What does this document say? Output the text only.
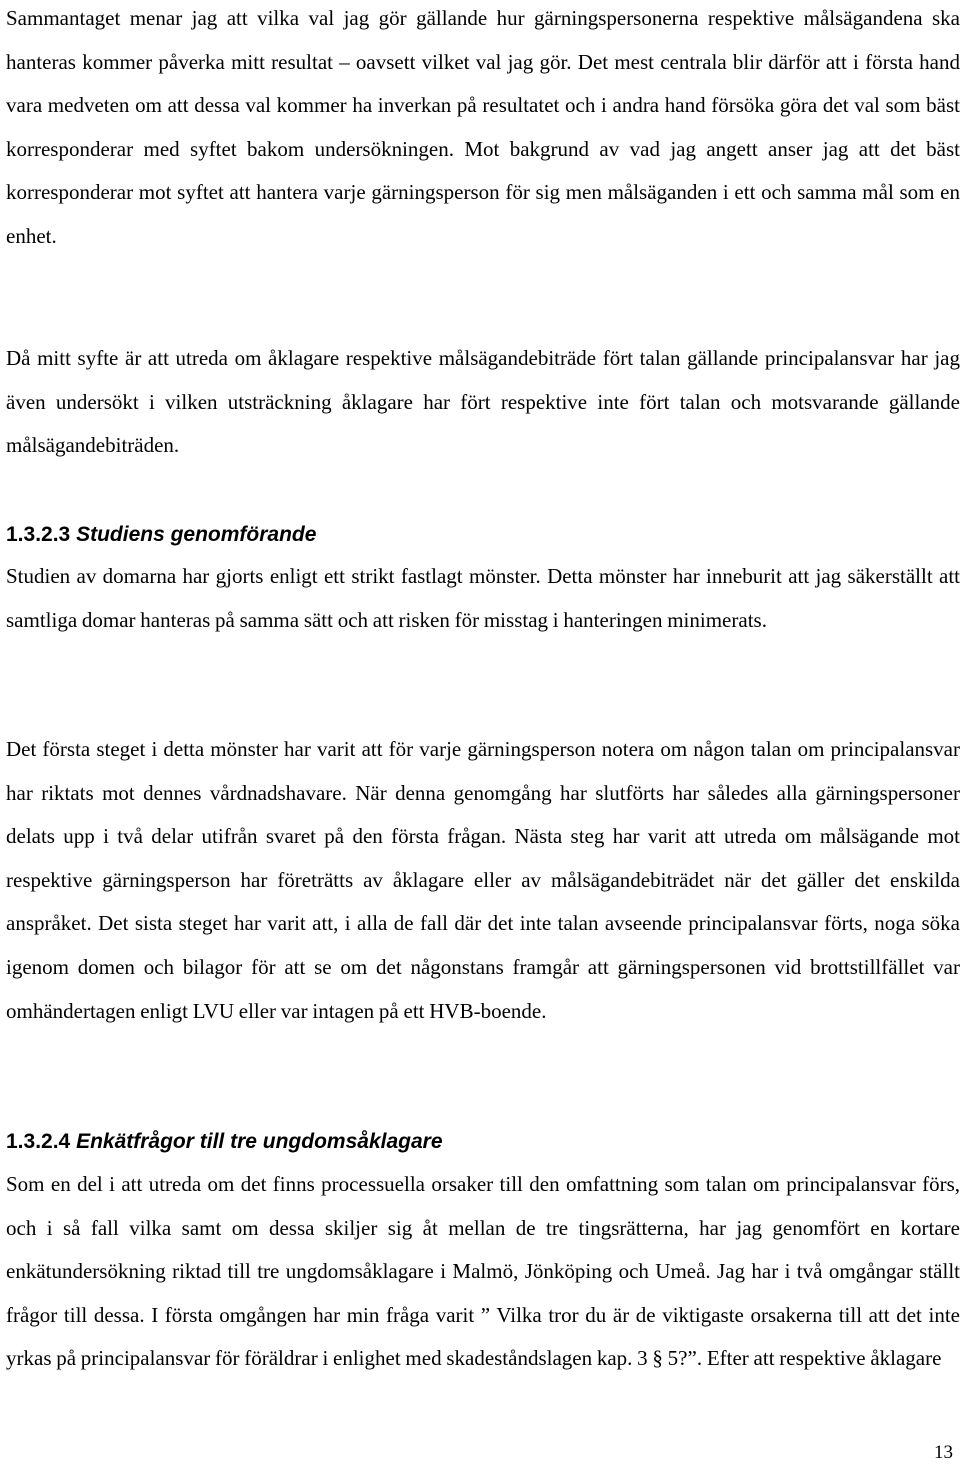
Sammantaget menar jag att vilka val jag gör gällande hur gärningspersonerna respektive målsägandena ska hanteras kommer påverka mitt resultat – oavsett vilket val jag gör. Det mest centrala blir därför att i första hand vara medveten om att dessa val kommer ha inverkan på resultatet och i andra hand försöka göra det val som bäst korresponderar med syftet bakom undersökningen. Mot bakgrund av vad jag angett anser jag att det bäst korresponderar mot syftet att hantera varje gärningsperson för sig men målsäganden i ett och samma mål som en enhet.

Då mitt syfte är att utreda om åklagare respektive målsägandebiträde fört talan gällande principalansvar har jag även undersökt i vilken utsträckning åklagare har fört respektive inte fört talan och motsvarande gällande målsägandebiträden.

1.3.2.3 Studiens genomförande

Studien av domarna har gjorts enligt ett strikt fastlagt mönster. Detta mönster har inneburit att jag säkerställt att samtliga domar hanteras på samma sätt och att risken för misstag i hanteringen minimerats.

Det första steget i detta mönster har varit att för varje gärningsperson notera om någon talan om principalansvar har riktats mot dennes vårdnadshavare. När denna genomgång har slutförts har således alla gärningspersoner delats upp i två delar utifrån svaret på den första frågan. Nästa steg har varit att utreda om målsägande mot respektive gärningsperson har företrätts av åklagare eller av målsägandebiträdet när det gäller det enskilda anspråket. Det sista steget har varit att, i alla de fall där det inte talan avseende principalansvar förts, noga söka igenom domen och bilagor för att se om det någonstans framgår att gärningspersonen vid brottstillfället var omhändertagen enligt LVU eller var intagen på ett HVB-boende.

1.3.2.4 Enkätfrågor till tre ungdomsåklagare

Som en del i att utreda om det finns processuella orsaker till den omfattning som talan om principalansvar förs, och i så fall vilka samt om dessa skiljer sig åt mellan de tre tingsrätterna, har jag genomfört en kortare enkätundersökning riktad till tre ungdomsåklagare i Malmö, Jönköping och Umeå. Jag har i två omgångar ställt frågor till dessa. I första omgången har min fråga varit ” Vilka tror du är de viktigaste orsakerna till att det inte yrkas på principalansvar för föräldrar i enlighet med skadeståndslagen kap. 3 § 5?”. Efter att respektive åklagare

13
